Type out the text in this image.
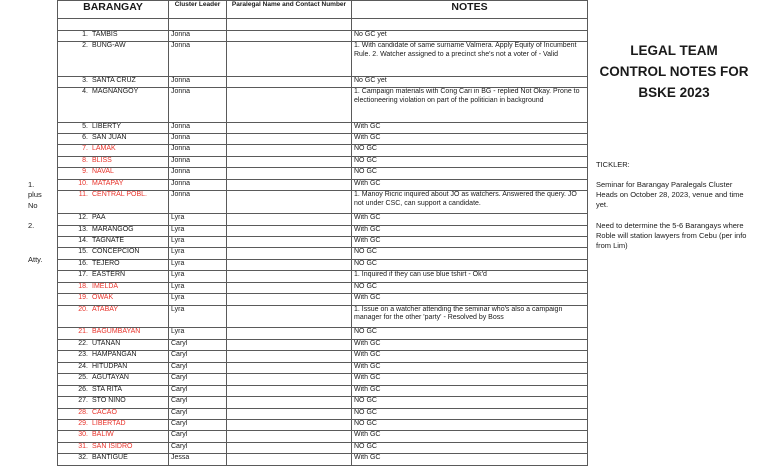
BARANGAY	Cluster Leader	Paralegal Name and Contact Number	NOTES

1. TAMBIS	Jonna		No GC yet
2. BUNG-AW	Jonna		1. With candidate of same surname Valmera. Apply Equity of Incumbent Rule. 2. Watcher assigned to a precinct she's not a voter of - Valid
3. SANTA CRUZ	Jonna		No GC yet
4. MAGNANGOY	Jonna		1. Campaign materials with Cong Cari in BG - replied Not Okay. Prone to electioneering violation on part of the politician in background
5. LIBERTY	Jonna		With GC
6. SAN JUAN	Jonna		With GC
7. LAMAK	Jonna		NO GC
8. BLISS	Jonna		NO GC
9. NAVAL	Jonna		NO GC
10. MATAPAY	Jonna		With GC
11. CENTRAL POBL.	Jonna		1. Manoy Ricric inquired about JO as watchers. Answered the query. JO not under CSC, can support a candidate.
12. PAA	Lyra		With GC
13. MARANGOG	Lyra		With GC
14. TAGNATE	Lyra		With GC
15. CONCEPCION	Lyra		NO GC
16. TEJERO	Lyra		NO GC
17. EASTERN	Lyra		1. Inquired if they can use blue tshirt - Ok'd
18. IMELDA	Lyra		NO GC
19. OWAK	Lyra		With GC
20. ATABAY	Lyra		1. Issue on a watcher attending the seminar who's also a campaign manager for the other 'party' - Resolved by Boss
21. BAGUMBAYAN	Lyra		NO GC
22. UTANAN	Caryl		With GC
23. HAMPANGAN	Caryl		With GC
24. HITUDPAN	Caryl		With GC
25. AGUTAYAN	Caryl		With GC
26. STA RITA	Caryl		With GC
27. STO NINO	Caryl		NO GC
28. CACAO	Caryl		NO GC
29. LIBERTAD	Caryl		NO GC
30. BALIW	Caryl		With GC
31. SAN ISIDRO	Caryl		NO GC
32. BANTIGUE	Jessa		With GC
1.
plus
No
2.
Atty.
LEGAL TEAM
CONTROL NOTES FOR
BSKE 2023
TICKLER:
Seminar for Barangay Paralegals Cluster Heads on October 28, 2023, venue and time yet.
Need to determine the 5-6 Barangays where Roble will station lawyers from Cebu (per info from Lim)
